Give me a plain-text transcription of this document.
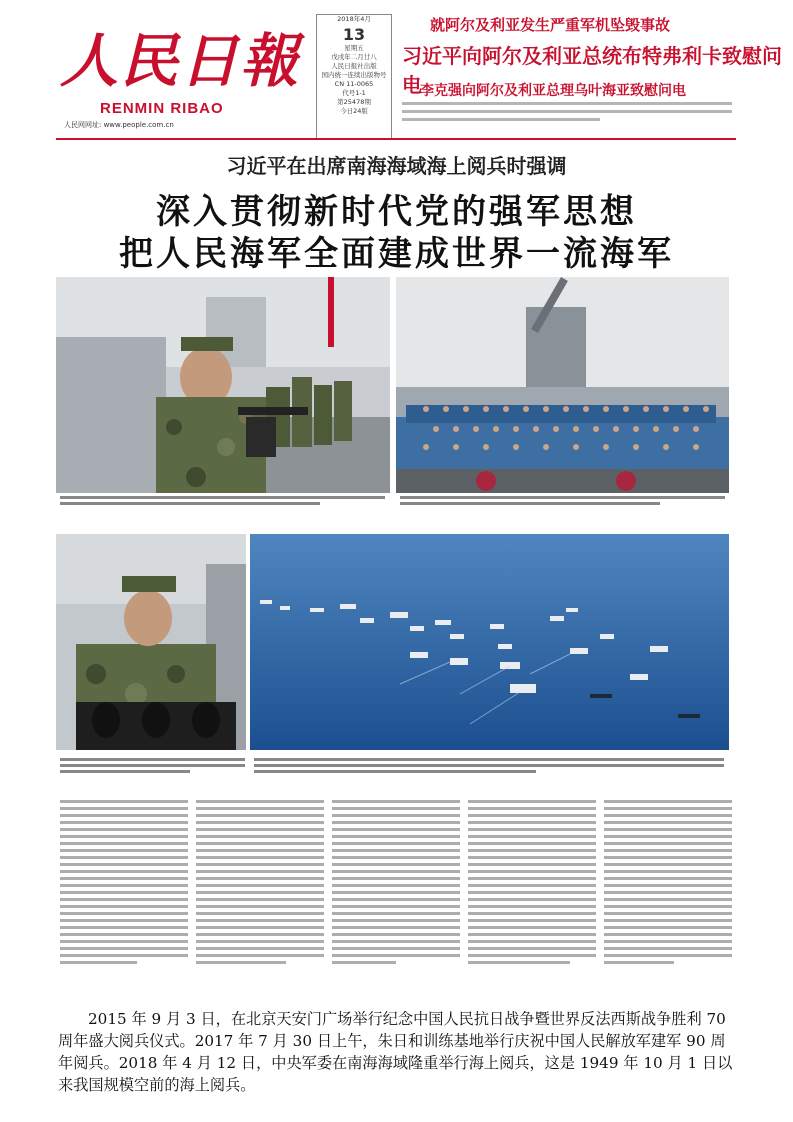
人民日報
RENMIN RIBAO
人民网网址: www.people.com.cn
2018年4月
13
星期五
戊戌年二月廿八
人民日报社出版
国内统一连续出版物号
CN 11-0065
代号1-1
第25478期
今日24版
就阿尔及利亚发生严重军机坠毁事故
习近平向阿尔及利亚总统布特弗利卡致慰问电
李克强向阿尔及利亚总理乌叶海亚致慰问电
习近平在出席南海海域海上阅兵时强调
深入贯彻新时代党的强军思想
把人民海军全面建成世界一流海军
2015 年 9 月 3 日，在北京天安门广场举行纪念中国人民抗日战争暨世界反法西斯战争胜利 70 周年盛大阅兵仪式。2017 年 7 月 30 日上午，朱日和训练基地举行庆祝中国人民解放军建军 90 周年阅兵。2018 年 4 月 12 日，中央军委在南海海域隆重举行海上阅兵，这是 1949 年 10 月 1 日以来我国规模空前的海上阅兵。
